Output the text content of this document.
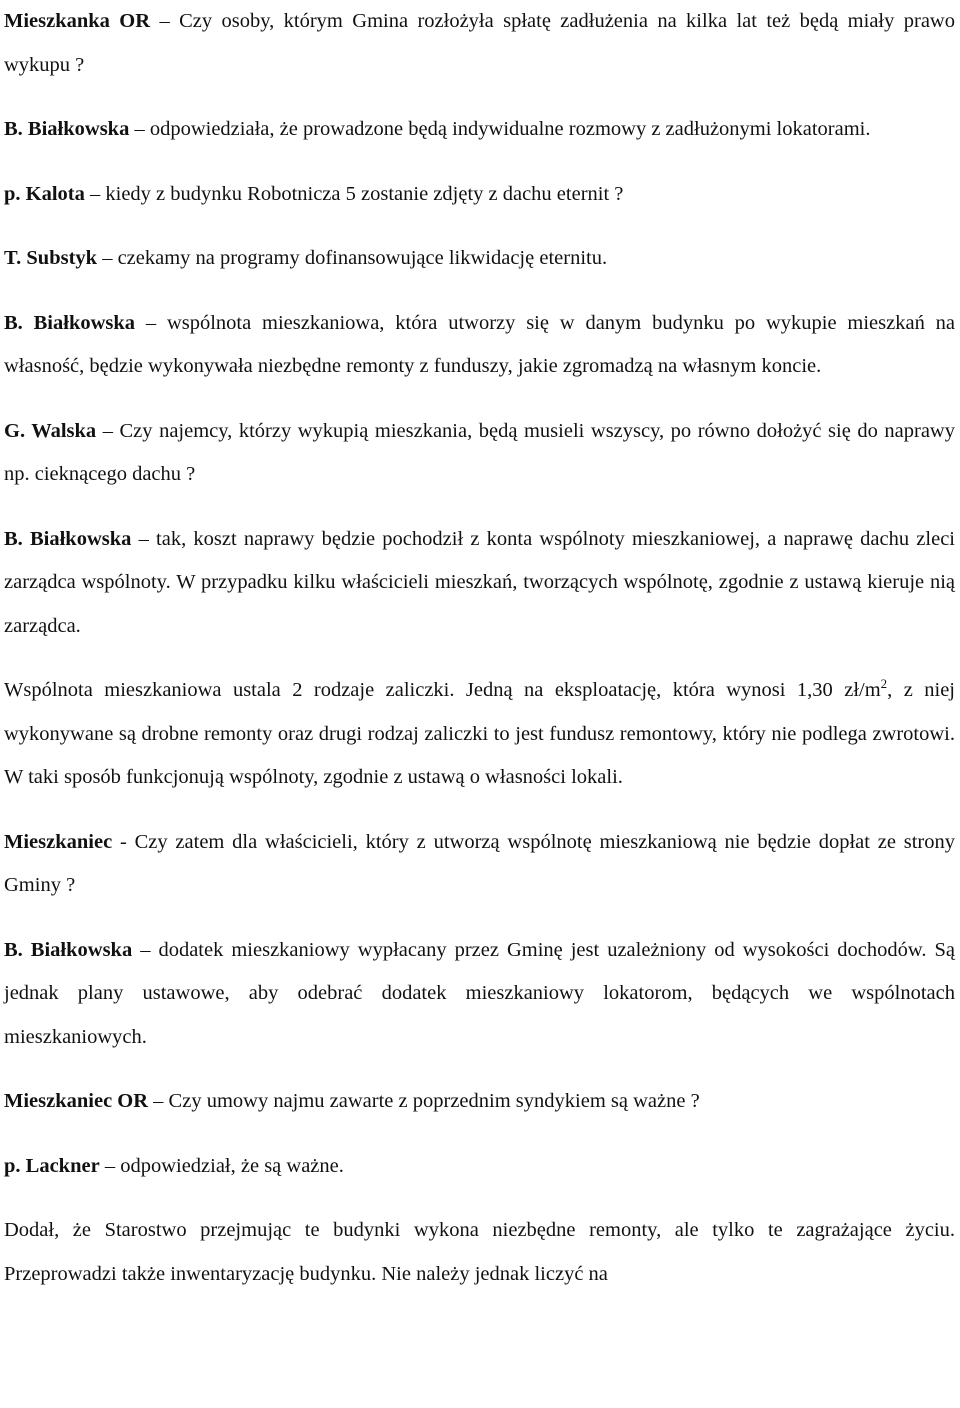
Mieszkanka OR – Czy osoby, którym Gmina rozłożyła spłatę zadłużenia na kilka lat też będą miały prawo wykupu ?

B. Białkowska – odpowiedziała, że prowadzone będą indywidualne rozmowy z zadłużonymi lokatorami.

p. Kalota – kiedy z budynku Robotnicza 5 zostanie zdjęty z dachu eternit ?

T. Substyk – czekamy na programy dofinansowujące likwidację eternitu.

B. Białkowska – wspólnota mieszkaniowa, która utworzy się w danym budynku po wykupie mieszkań na własność, będzie wykonywała niezbędne remonty z funduszy, jakie zgromadzą na własnym koncie.

G. Walska – Czy najemcy, którzy wykupią mieszkania, będą musieli wszyscy, po równo dołożyć się do naprawy np. cieknącego dachu ?

B. Białkowska – tak, koszt naprawy będzie pochodził z konta wspólnoty mieszkaniowej, a naprawę dachu zleci zarządca wspólnoty. W przypadku kilku właścicieli mieszkań, tworzących wspólnotę, zgodnie z ustawą kieruje nią zarządca.

Wspólnota mieszkaniowa ustala 2 rodzaje zaliczki. Jedną na eksploatację, która wynosi 1,30 $zł/m^2$, z niej wykonywane są drobne remonty oraz drugi rodzaj zaliczki to jest fundusz remontowy, który nie podlega zwrotowi. W taki sposób funkcjonują wspólnoty, zgodnie z ustawą o własności lokali.

Mieszkaniec - Czy zatem dla właścicieli, który z utworzą wspólnotę mieszkaniową nie będzie dopłat ze strony Gminy ?

B. Białkowska – dodatek mieszkaniowy wypłacany przez Gminę jest uzależniony od wysokości dochodów. Są jednak plany ustawowe, aby odebrać dodatek mieszkaniowy lokatorom, będących we wspólnotach mieszkaniowych.

Mieszkaniec OR – Czy umowy najmu zawarte z poprzednim syndykiem są ważne ?

p. Lackner – odpowiedział, że są ważne.

Dodał, że Starostwo przejmując te budynki wykona niezbędne remonty, ale tylko te zagrażające życiu. Przeprowadzi także inwentaryzację budynku. Nie należy jednak liczyć na
